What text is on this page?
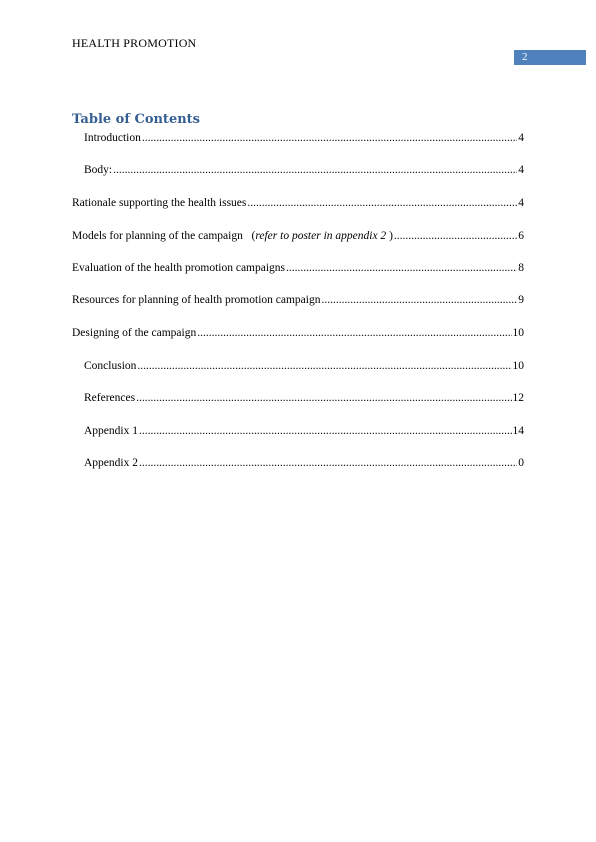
HEALTH PROMOTION
2
Table of Contents
Introduction .....	4
Body: .....	4
Rationale supporting the health issues .....	4
Models for planning of the campaign   (refer to poster in appendix 2 ) .....	6
Evaluation of the health promotion campaigns .....	8
Resources for planning of health promotion campaign .....	9
Designing of the campaign .....	10
Conclusion .....	10
References .....	12
Appendix 1 .....	14
Appendix 2 .....	0
